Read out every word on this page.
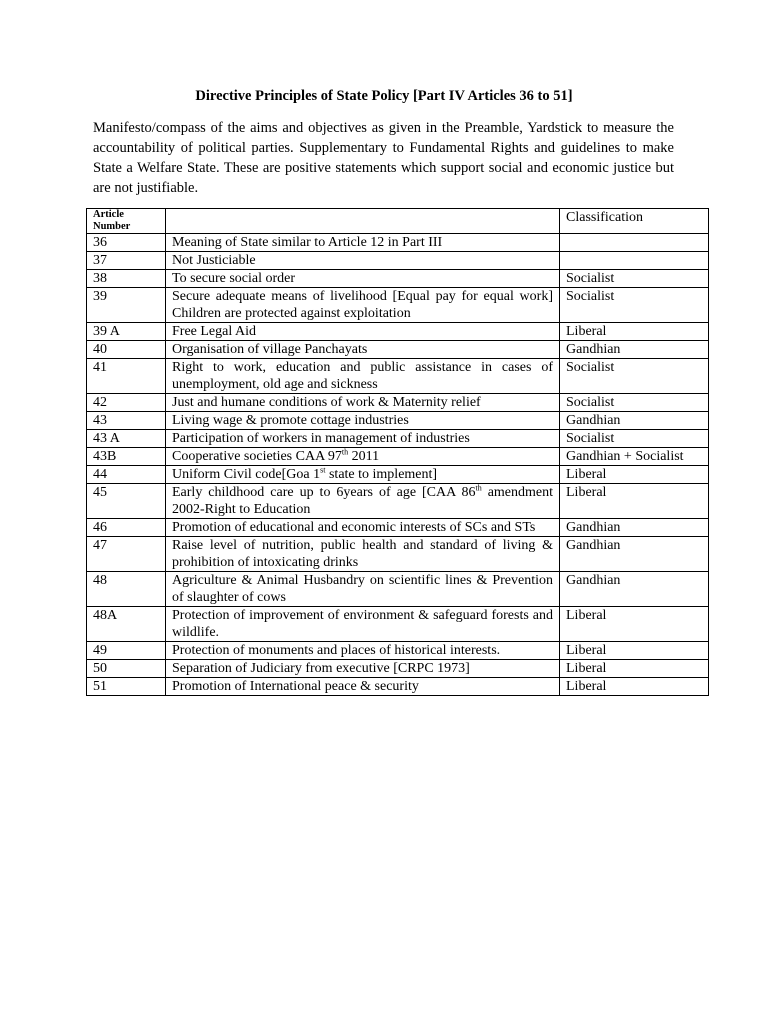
Directive Principles of State Policy [Part IV Articles 36 to 51]
Manifesto/compass of the aims and objectives as given in the Preamble, Yardstick to measure the accountability of political parties. Supplementary to Fundamental Rights and guidelines to make State a Welfare State. These are positive statements which support social and economic justice but are not justifiable.
Article Number		Classification
36	Meaning of State similar to Article 12 in Part III	
37	Not Justiciable	
38	To secure social order	Socialist
39	Secure adequate means of livelihood [Equal pay for equal work] Children are protected against exploitation	Socialist
39 A	Free Legal Aid	Liberal
40	Organisation of village Panchayats	Gandhian
41	Right to work, education and public assistance in cases of unemployment, old age and sickness	Socialist
42	Just and humane conditions of work & Maternity relief	Socialist
43	Living wage & promote cottage industries	Gandhian
43 A	Participation of workers in management of industries	Socialist
43B	Cooperative societies CAA 97th 2011	Gandhian + Socialist
44	Uniform Civil code[Goa 1st state to implement]	Liberal
45	Early childhood care up to 6years of age [CAA 86th amendment 2002-Right to Education	Liberal
46	Promotion of educational and economic interests of SCs and STs	Gandhian
47	Raise level of nutrition, public health and standard of living & prohibition of intoxicating drinks	Gandhian
48	Agriculture & Animal Husbandry on scientific lines & Prevention of slaughter of cows	Gandhian
48A	Protection of improvement of environment & safeguard forests and wildlife.	Liberal
49	Protection of monuments and places of historical interests.	Liberal
50	Separation of Judiciary from executive [CRPC 1973]	Liberal
51	Promotion of International peace & security	Liberal
